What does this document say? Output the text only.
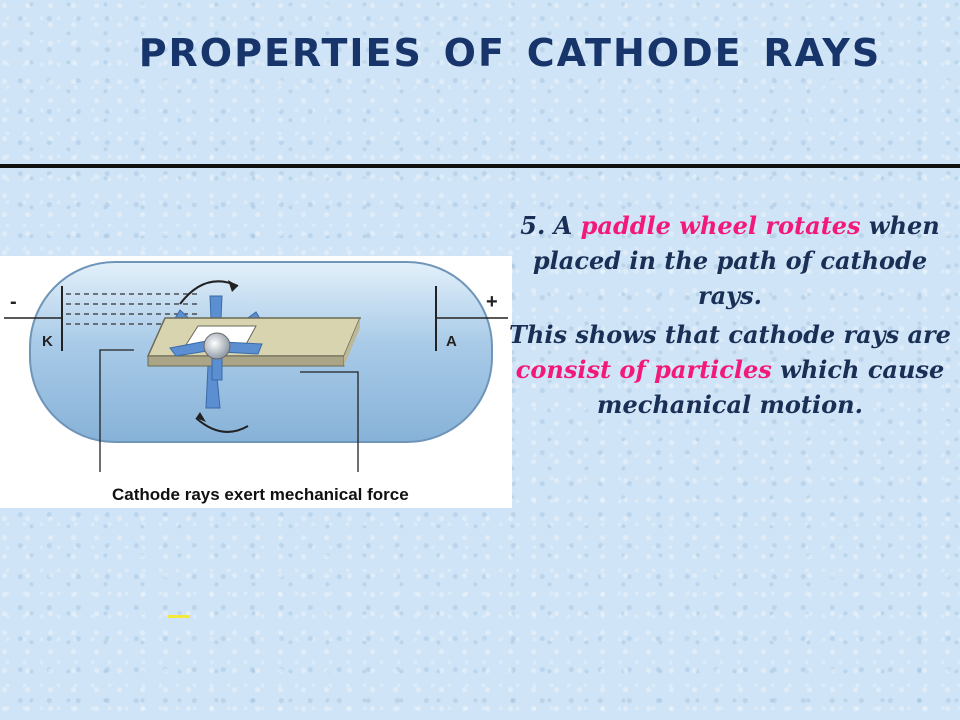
properties of cathode rays
-
K
+
A
Cathode rays exert mechanical force

5. A paddle wheel rotates when placed in the path of cathode rays.

This shows that cathode rays are consist of particles which cause mechanical motion.
